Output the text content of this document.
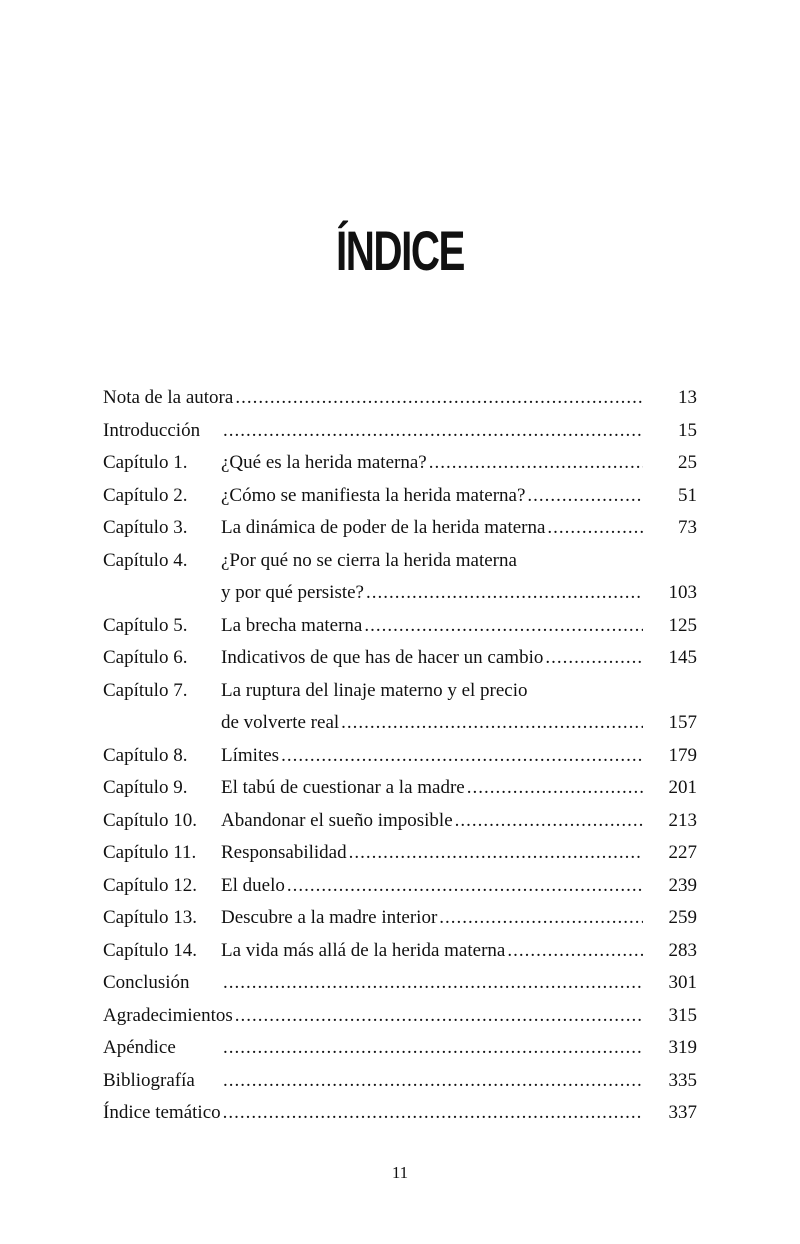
ÍNDICE
Nota de la autora .....	13
Introducción .....	15
Capítulo 1. ¿Qué es la herida materna? .....	25
Capítulo 2. ¿Cómo se manifiesta la herida materna? .....	51
Capítulo 3. La dinámica de poder de la herida materna .....	73
Capítulo 4. ¿Por qué no se cierra la herida materna
y por qué persiste? .....	103
Capítulo 5. La brecha materna .....	125
Capítulo 6. Indicativos de que has de hacer un cambio .....	145
Capítulo 7. La ruptura del linaje materno y el precio
de volverte real .....	157
Capítulo 8. Límites .....	179
Capítulo 9. El tabú de cuestionar a la madre .....	201
Capítulo 10. Abandonar el sueño imposible .....	213
Capítulo 11. Responsabilidad .....	227
Capítulo 12. El duelo .....	239
Capítulo 13. Descubre a la madre interior .....	259
Capítulo 14. La vida más allá de la herida materna .....	283
Conclusión .....	301
Agradecimientos .....	315
Apéndice .....	319
Bibliografía .....	335
Índice temático .....	337
11
